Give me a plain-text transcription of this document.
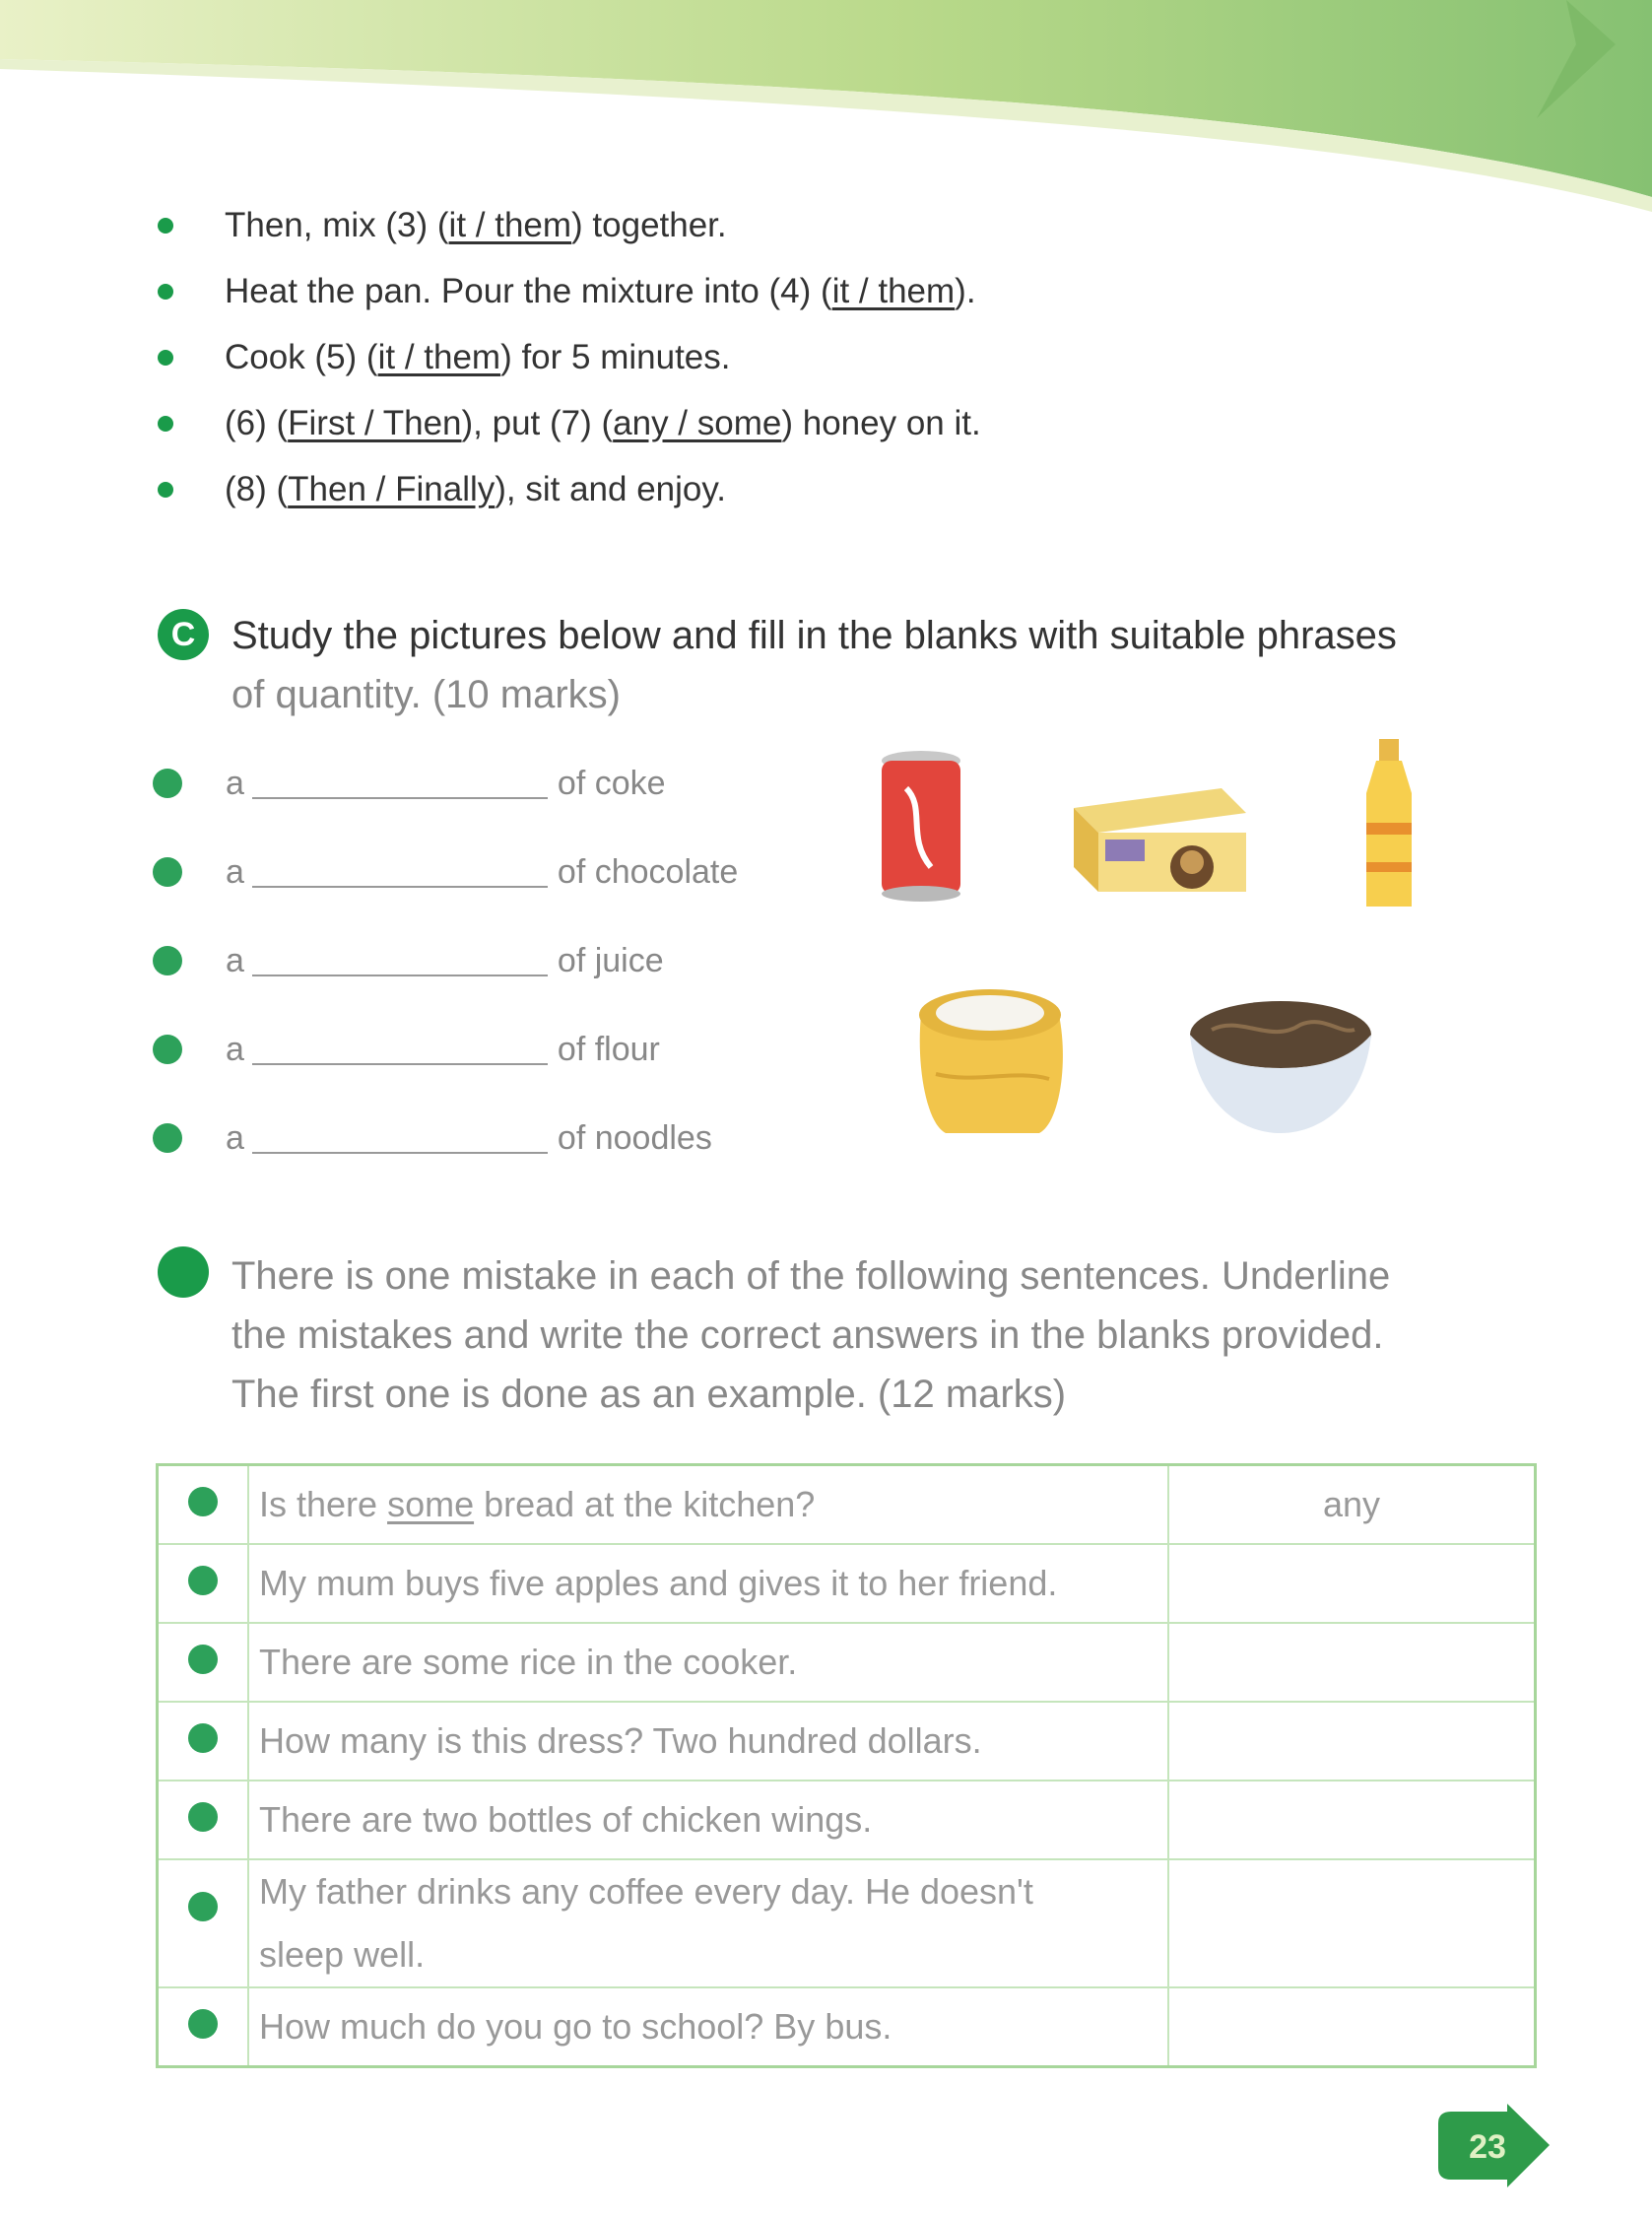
Then, mix (3) ( it / them ) together.
Heat the pan. Pour the mixture into (4) ( it / them ).
Cook (5) ( it / them ) for 5 minutes.
(6) ( First / Then ), put (7) ( any / some ) honey on it.
(8) ( Then / Finally ), sit and enjoy.
C Study the pictures below and fill in the blanks with suitable phrases
of quantity. (10 marks)
a	of coke
a	of chocolate
a	of juice
a	of flour
a	of noodles
There is one mistake in each of the following sentences. Underline
the mistakes and write the correct answers in the blanks provided.
The first one is done as an example. (12 marks)
	Is there some bread at the kitchen?	any
	My mum buys five apples and gives it to her friend.	
	There are some rice in the cooker.	
	How many is this dress? Two hundred dollars.	
	There are two bottles of chicken wings.	

	My father drinks any coffee every day. He doesn't
sleep well.	

	How much do you go to school? By bus.	
23
